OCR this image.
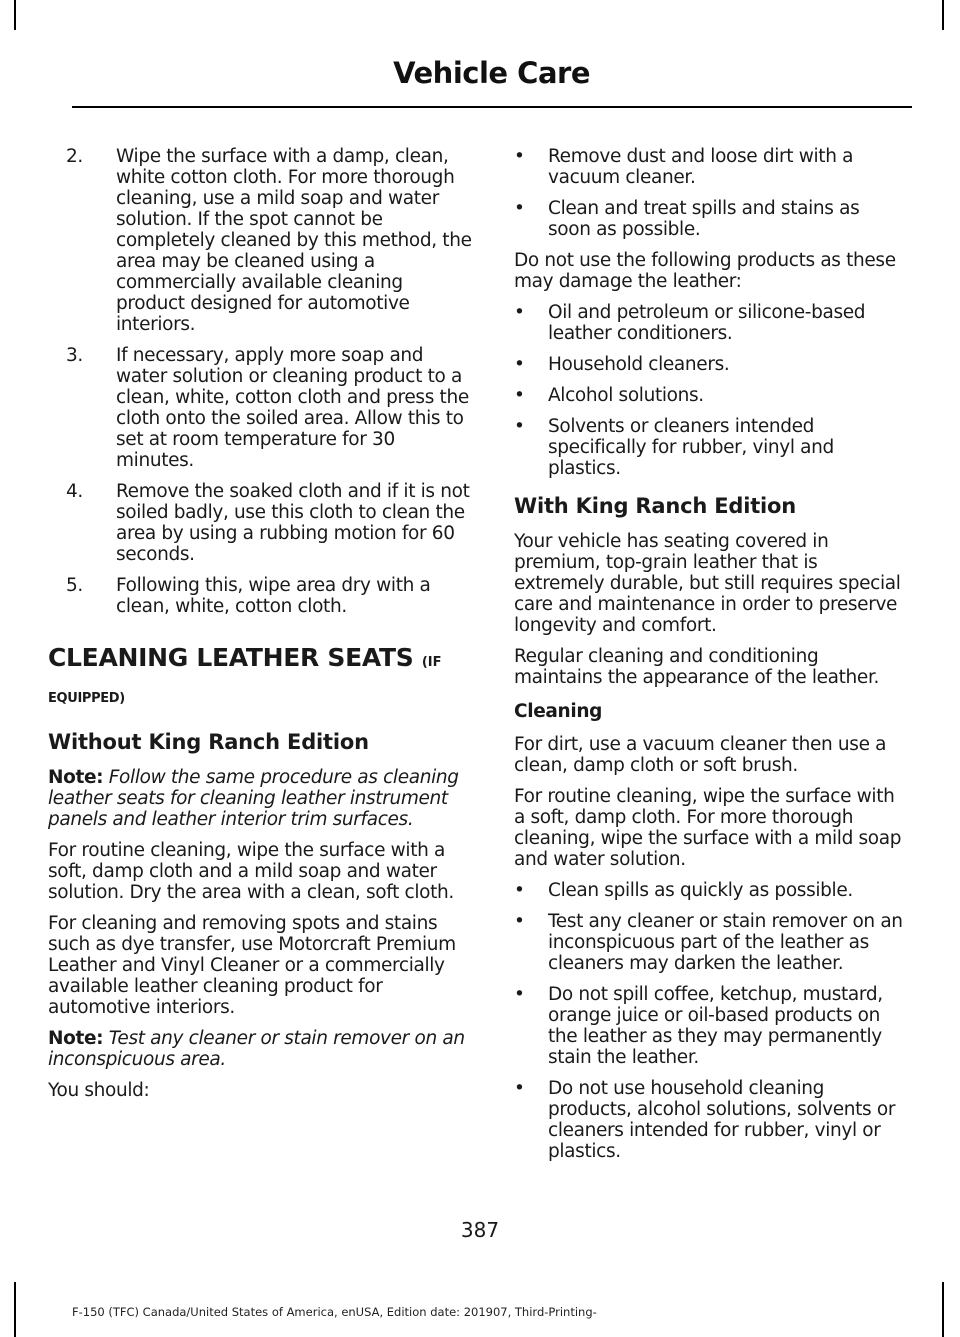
Vehicle Care
2. Wipe the surface with a damp, clean, white cotton cloth. For more thorough cleaning, use a mild soap and water solution. If the spot cannot be completely cleaned by this method, the area may be cleaned using a commercially available cleaning product designed for automotive interiors.
3. If necessary, apply more soap and water solution or cleaning product to a clean, white, cotton cloth and press the cloth onto the soiled area. Allow this to set at room temperature for 30 minutes.
4. Remove the soaked cloth and if it is not soiled badly, use this cloth to clean the area by using a rubbing motion for 60 seconds.
5. Following this, wipe area dry with a clean, white, cotton cloth.
CLEANING LEATHER SEATS (IF
EQUIPPED)
Without King Ranch Edition

Note: Follow the same procedure as cleaning leather seats for cleaning leather instrument panels and leather interior trim surfaces.

For routine cleaning, wipe the surface with a soft, damp cloth and a mild soap and water solution. Dry the area with a clean, soft cloth.

For cleaning and removing spots and stains such as dye transfer, use Motorcraft Premium Leather and Vinyl Cleaner or a commercially available leather cleaning product for automotive interiors.

Note: Test any cleaner or stain remover on an inconspicuous area.

You should:

• Remove dust and loose dirt with a vacuum cleaner.
• Clean and treat spills and stains as soon as possible.

Do not use the following products as these may damage the leather:

• Oil and petroleum or silicone-based leather conditioners.
• Household cleaners.
• Alcohol solutions.
• Solvents or cleaners intended specifically for rubber, vinyl and plastics.
With King Ranch Edition

Your vehicle has seating covered in premium, top-grain leather that is extremely durable, but still requires special care and maintenance in order to preserve longevity and comfort.

Regular cleaning and conditioning maintains the appearance of the leather.

Cleaning

For dirt, use a vacuum cleaner then use a clean, damp cloth or soft brush.

For routine cleaning, wipe the surface with a soft, damp cloth. For more thorough cleaning, wipe the surface with a mild soap and water solution.

• Clean spills as quickly as possible.
• Test any cleaner or stain remover on an inconspicuous part of the leather as cleaners may darken the leather.
• Do not spill coffee, ketchup, mustard, orange juice or oil-based products on the leather as they may permanently stain the leather.
• Do not use household cleaning products, alcohol solutions, solvents or cleaners intended for rubber, vinyl or plastics.
387
F-150 (TFC) Canada/United States of America, enUSA, Edition date: 201907, Third-Printing-
